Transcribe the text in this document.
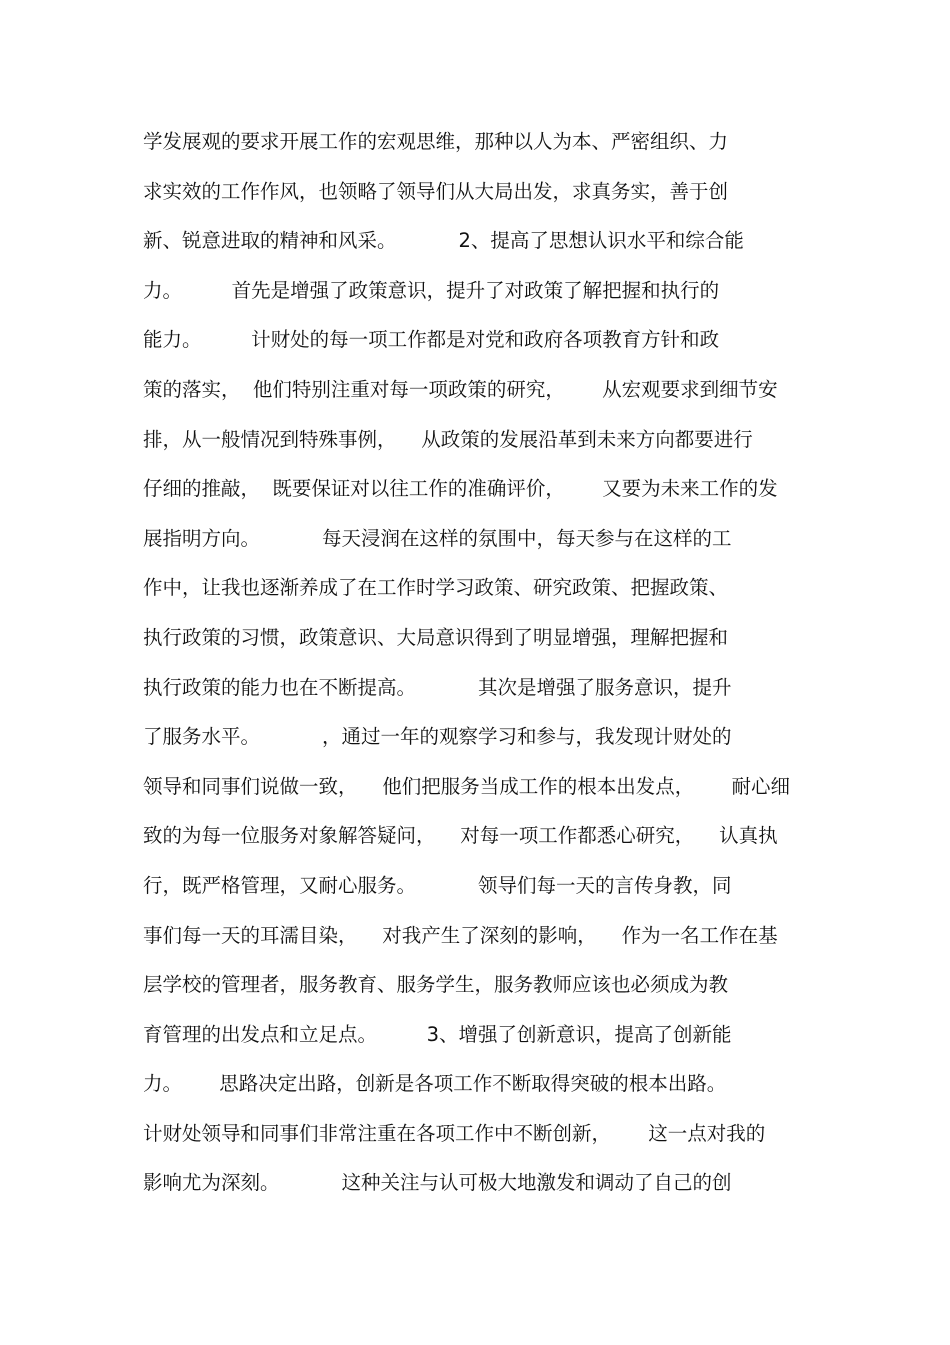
学发展观的要求开展工作的宏观思维，那种以人为本、严密组织、力
求实效的工作作风，也领略了领导们从大局出发，求真务实，善于创
新、锐意进取的精神和风采。          2、提高了思想认识水平和综合能
力。        首先是增强了政策意识，提升了对政策了解把握和执行的
能力。        计财处的每一项工作都是对党和政府各项教育方针和政
策的落实，  他们特别注重对每一项政策的研究，      从宏观要求到细节安
排，从一般情况到特殊事例，    从政策的发展沿革到未来方向都要进行
仔细的推敲，  既要保证对以往工作的准确评价，      又要为未来工作的发
展指明方向。          每天浸润在这样的氛围中，每天参与在这样的工
作中，让我也逐渐养成了在工作时学习政策、研究政策、把握政策、
执行政策的习惯，政策意识、大局意识得到了明显增强，理解把握和
执行政策的能力也在不断提高。          其次是增强了服务意识，提升
了服务水平。          ，通过一年的观察学习和参与，我发现计财处的
领导和同事们说做一致，    他们把服务当成工作的根本出发点，      耐心细
致的为每一位服务对象解答疑问，    对每一项工作都悉心研究，    认真执
行，既严格管理，又耐心服务。          领导们每一天的言传身教，同
事们每一天的耳濡目染，    对我产生了深刻的影响，    作为一名工作在基
层学校的管理者，服务教育、服务学生，服务教师应该也必须成为教
育管理的出发点和立足点。        3、增强了创新意识，提高了创新能
力。      思路决定出路，创新是各项工作不断取得突破的根本出路。
计财处领导和同事们非常注重在各项工作中不断创新，      这一点对我的
影响尤为深刻。          这种关注与认可极大地激发和调动了自己的创
